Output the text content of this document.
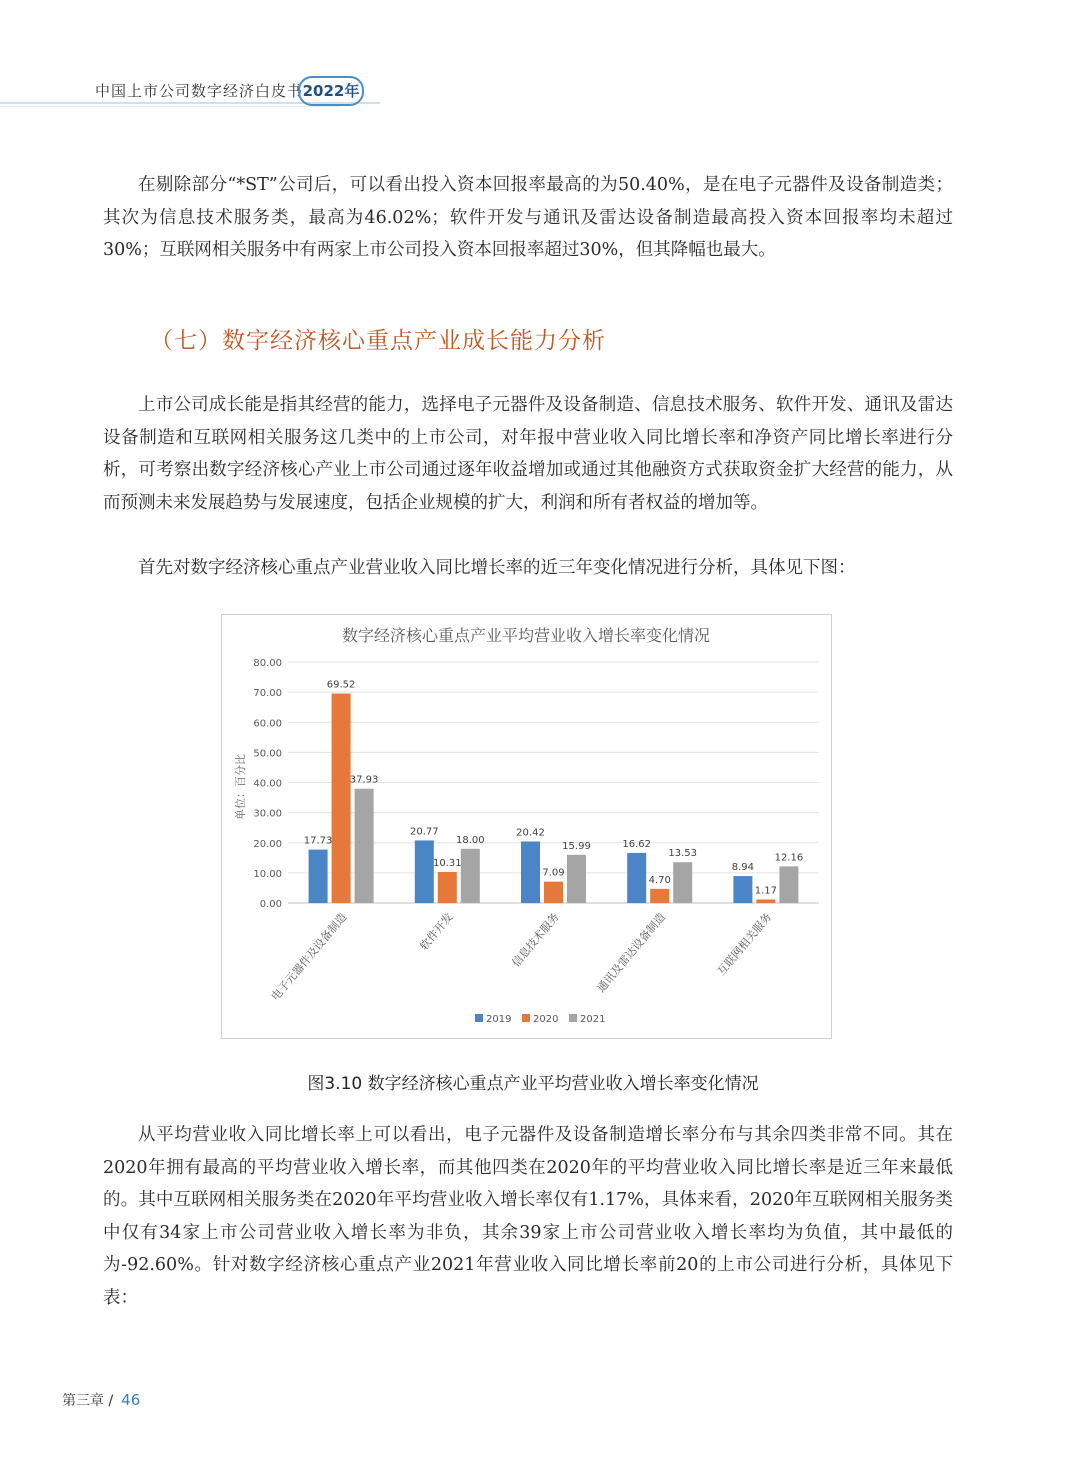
中国上市公司数字经济白皮书 2022年

在剔除部分“*ST”公司后，可以看出投入资本回报率最高的为50.40%，是在电子元器件及设备制造类；其次为信息技术服务类，最高为46.02%；软件开发与通讯及雷达设备制造最高投入资本回报率均未超过30%；互联网相关服务中有两家上市公司投入资本回报率超过30%，但其降幅也最大。

（七）数字经济核心重点产业成长能力分析

上市公司成长能是指其经营的能力，选择电子元器件及设备制造、信息技术服务、软件开发、通讯及雷达设备制造和互联网相关服务这几类中的上市公司，对年报中营业收入同比增长率和净资产同比增长率进行分析，可考察出数字经济核心产业上市公司通过逐年收益增加或通过其他融资方式获取资金扩大经营的能力，从而预测未来发展趋势与发展速度，包括企业规模的扩大，利润和所有者权益的增加等。

首先对数字经济核心重点产业营业收入同比增长率的近三年变化情况进行分析，具体见下图：

数字经济核心重点产业平均营业收入增长率变化情况
单位：百分比
0.00
10.00
20.00
30.00
40.00
50.00
60.00
70.00
80.00
17.73
69.52
37.93
20.77
10.31
18.00
20.42
7.09
15.99	16.62
4.70
13.53
8.94
1.17
12.16
电子元器件及设备制造	软件开发	信息技术服务	通讯及雷达设备制造	互联网相关服务
2019 2020 2021
图3.10 数字经济核心重点产业平均营业收入增长率变化情况

从平均营业收入同比增长率上可以看出，电子元器件及设备制造增长率分布与其余四类非常不同。其在2020年拥有最高的平均营业收入增长率，而其他四类在2020年的平均营业收入同比增长率是近三年来最低的。其中互联网相关服务类在2020年平均营业收入增长率仅有1.17%，具体来看，2020年互联网相关服务类中仅有34家上市公司营业收入增长率为非负，其余39家上市公司营业收入增长率均为负值，其中最低的为-92.60%。针对数字经济核心重点产业2021年营业收入同比增长率前20的上市公司进行分析，具体见下表：

第三章 / 46
